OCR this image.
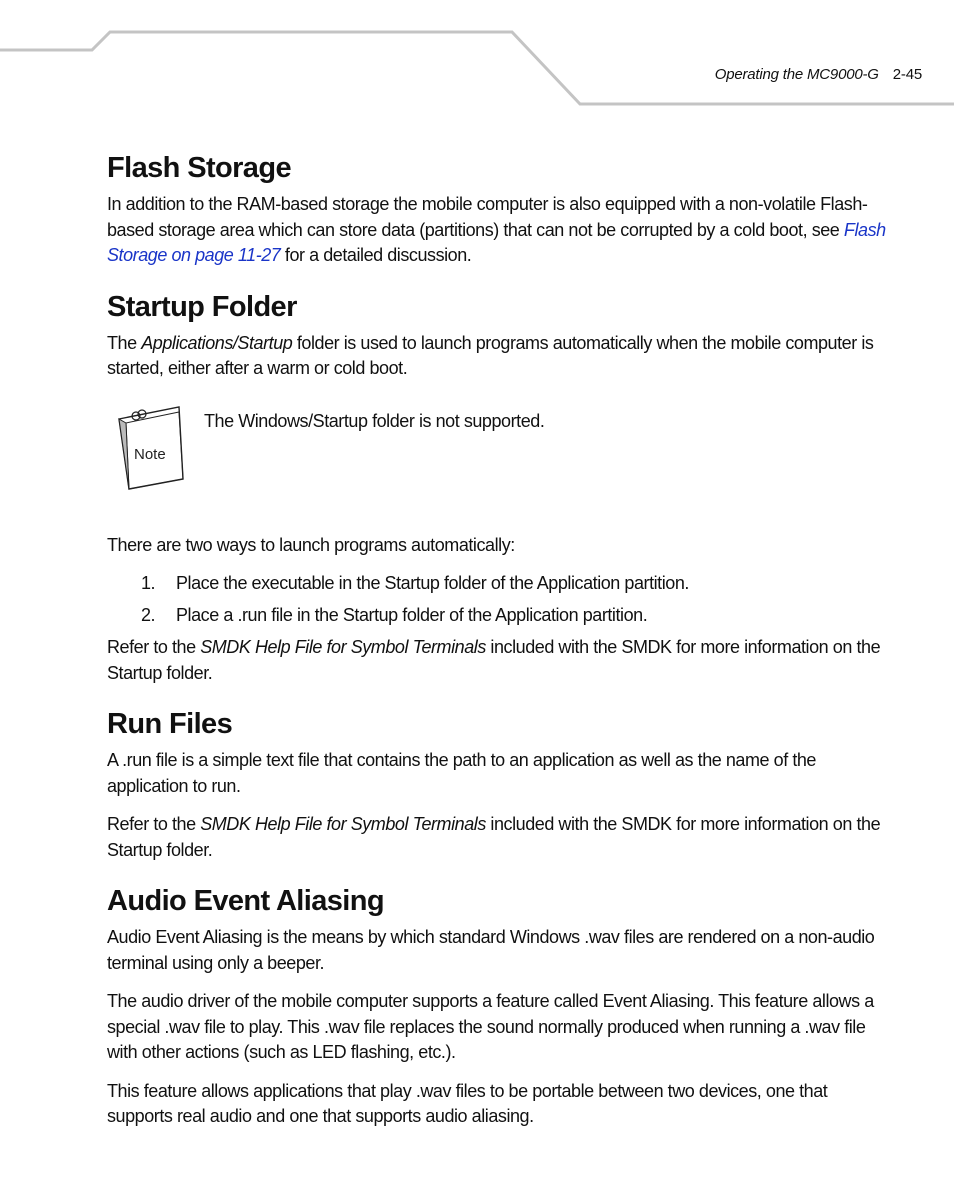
Operating the MC9000-G 2-45
Flash Storage

In addition to the RAM-based storage the mobile computer is also equipped with a non-volatile Flash-based storage area which can store data (partitions) that can not be corrupted by a cold boot, see Flash Storage on page 11-27 for a detailed discussion.

Startup Folder

The Applications/Startup folder is used to launch programs automatically when the mobile computer is started, either after a warm or cold boot.

Note
The Windows/Startup folder is not supported.

There are two ways to launch programs automatically:

1. Place the executable in the Startup folder of the Application partition.
2. Place a .run file in the Startup folder of the Application partition.

Refer to the SMDK Help File for Symbol Terminals included with the SMDK for more information on the Startup folder.

Run Files

A .run file is a simple text file that contains the path to an application as well as the name of the application to run.

Refer to the SMDK Help File for Symbol Terminals included with the SMDK for more information on the Startup folder.

Audio Event Aliasing

Audio Event Aliasing is the means by which standard Windows .wav files are rendered on a non-audio terminal using only a beeper.

The audio driver of the mobile computer supports a feature called Event Aliasing. This feature allows a special .wav file to play. This .wav file replaces the sound normally produced when running a .wav file with other actions (such as LED flashing, etc.).

This feature allows applications that play .wav files to be portable between two devices, one that supports real audio and one that supports audio aliasing.
